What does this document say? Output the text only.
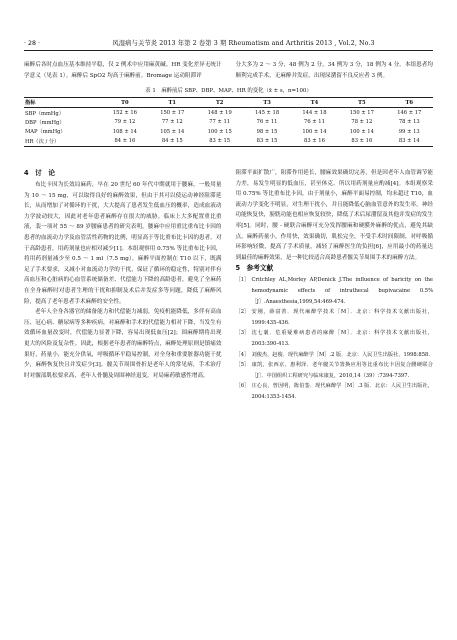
· 28 ·	风湿病与关节炎 2013 年第 2 卷第 3 期 Rheumatism and Arthritis 2013 , Vol.2, No.3

麻醉后各时点血压基本维持平稳，仅 2 例术中应用麻黄碱。HR 变化差异无统计学意义（见表 1）。麻醉后 SpO2 均高于麻醉前。Bromage 运动阻滞评

分大多为 2 ～ 3 分，48 例为 2 分，34 例为 3 分，18 例为 4 分。本组患者均顺利完成手术，无麻醉并发症，出现尿潴留不良反应者 3 例。

表 1　麻醉前后 SBP、DBP、MAP、HR 的变化（x̄ ± s，n=100）
指标	T0	T1	T2	T3	T4	T5	T6
SBP（mmHg）	152 ± 16	150 ± 17	148 ± 19	145 ± 18	144 ± 18	150 ± 17	146 ± 17
DBP（mmHg）	79 ± 12	77 ± 12	77 ± 11	76 ± 11	76 ± 11	78 ± 12	78 ± 13
MAP（mmHg）	108 ± 14	105 ± 14	100 ± 15	98 ± 15	100 ± 14	100 ± 14	99 ± 13
HR（次 / 分）	84 ± 16	84 ± 15	83 ± 15	83 ± 15	83 ± 16	83 ± 16	83 ± 14
4　讨　论

布比卡因为长效局麻药，早在 20 世纪 60 年代中期就用于腰麻，一般用量为 10 ～ 15 mg，可以取得良好的麻醉效果，但由于其可以使运动神经阻滞延长，从而增加了对循环的干扰，大大提高了患者发生低血压的概率，造成血液动力学波动较大，因此对老年患者麻醉存在很大的威胁。临床上大多配置重比重液，裴一项对 55 ～ 89 岁腰麻患者的研究表明，腰麻中应用重比重布比卡因的患者的血流动力学及血管活性药物的比例，明显高于等比重布比卡因的患者。对于高龄患者，用药剂量也应相对减少[1]。本组观察用 0.75% 等比重布比卡因，将用药剂量减少至 0.5 ～ 1 ml（7.5 mg），麻醉平面控制在 T10 以下，既满足了手术要求，又减小对血流动力学的干扰，保证了循环的稳定性，特别对伴有高血压和心脏病的心血管系统储备差、代偿能力下降的高龄患者，避免了全麻药在全身麻醉时对患者生理的干扰和抑制及术后并发症多等问题，降低了麻醉风险，提高了老年患者手术麻醉的安全性。

老年人全身各器官的储备能力和代偿能力减弱，免疫机能降低，多伴有高血压、冠心病、糖尿病等多种疾病，对麻醉和手术的代偿能力相对下降，当发生有效循环血量改变时，代偿能力显著下降，容易出现低血压[2]；围麻醉期将出现更大的风险及复杂性。因此，根据老年患者的麻醉特点，麻醉处理原则是镇痛效果好，药量小，能充分供氧，呼吸循环平稳易控制，对全身和重要脏器功能干扰少，麻醉恢复快且并发症少[3]。髋关节周围骨折是老年人的常见病，手术治疗时对髋部肌松要求高，老年人骨髓及周围神经退变，对局麻药敏感性增高，

阻滞平面扩散广，阻滞作用延长，腰麻效果确切完善，但是因老年人血管调节能力差，易发生明显的低血压，甚至休克。所以用药剂量应酌减[4]。本组观察采用 0.75% 等比重布比卡因，由于剂量小，麻醉平面易控制，均未超过 T10，血流动力学变化不明显，对生理干扰小，并且能降低心脑血管意外的发生率，神经功能恢复快，膀胱功能也相应恢复较快，降低了术后尿潴留及其他并发症的发生率[5]。同时，腰 - 硬联合麻醉可充分发挥腰麻和硬膜外麻醉的优点，避免其缺点，麻醉药量小，作用快，效果确切，肌松完全，不受手术时间限制，对呼吸循环影响轻微，提高了手术质量，减轻了麻醉医生的负担[6]，应用最小的药量达到最佳的麻醉效果，是一种比较适合高龄患者髋关节周围手术的麻醉方法。

5　参考文献
［1］ Critchley AL,Morley AP,Denick J.The influence of baricity on the hemodynamic effects of intrathecal bupivacaine 0.5%［J］.Anaesthesia,1999,54:469-474.
［2］ 安刚，薛富善．现代麻醉学技术［M］．北京：科学技术文献出版社，1999:435-436.
［3］ 沈七襄．危重疑难病患者的麻醉［M］．北京：科学技术文献出版社，2003:390-413.
［4］ 刘俊杰，赵俊．现代麻醉学［M］.2 版．北京：人民卫生出版社，1998:858.
［5］ 康凯，张西京，惠利泽．老年髋关节置换应用等比重布比卡因复合腰硬联合［J］．中国组织工程研究与临床康复，2010,14（39）:7394-7397.
［6］ 庄心良，曾因明，陈伯銮．现代麻醉学［M］.3 版．北京：人民卫生出版社，2004:1353-1454.
